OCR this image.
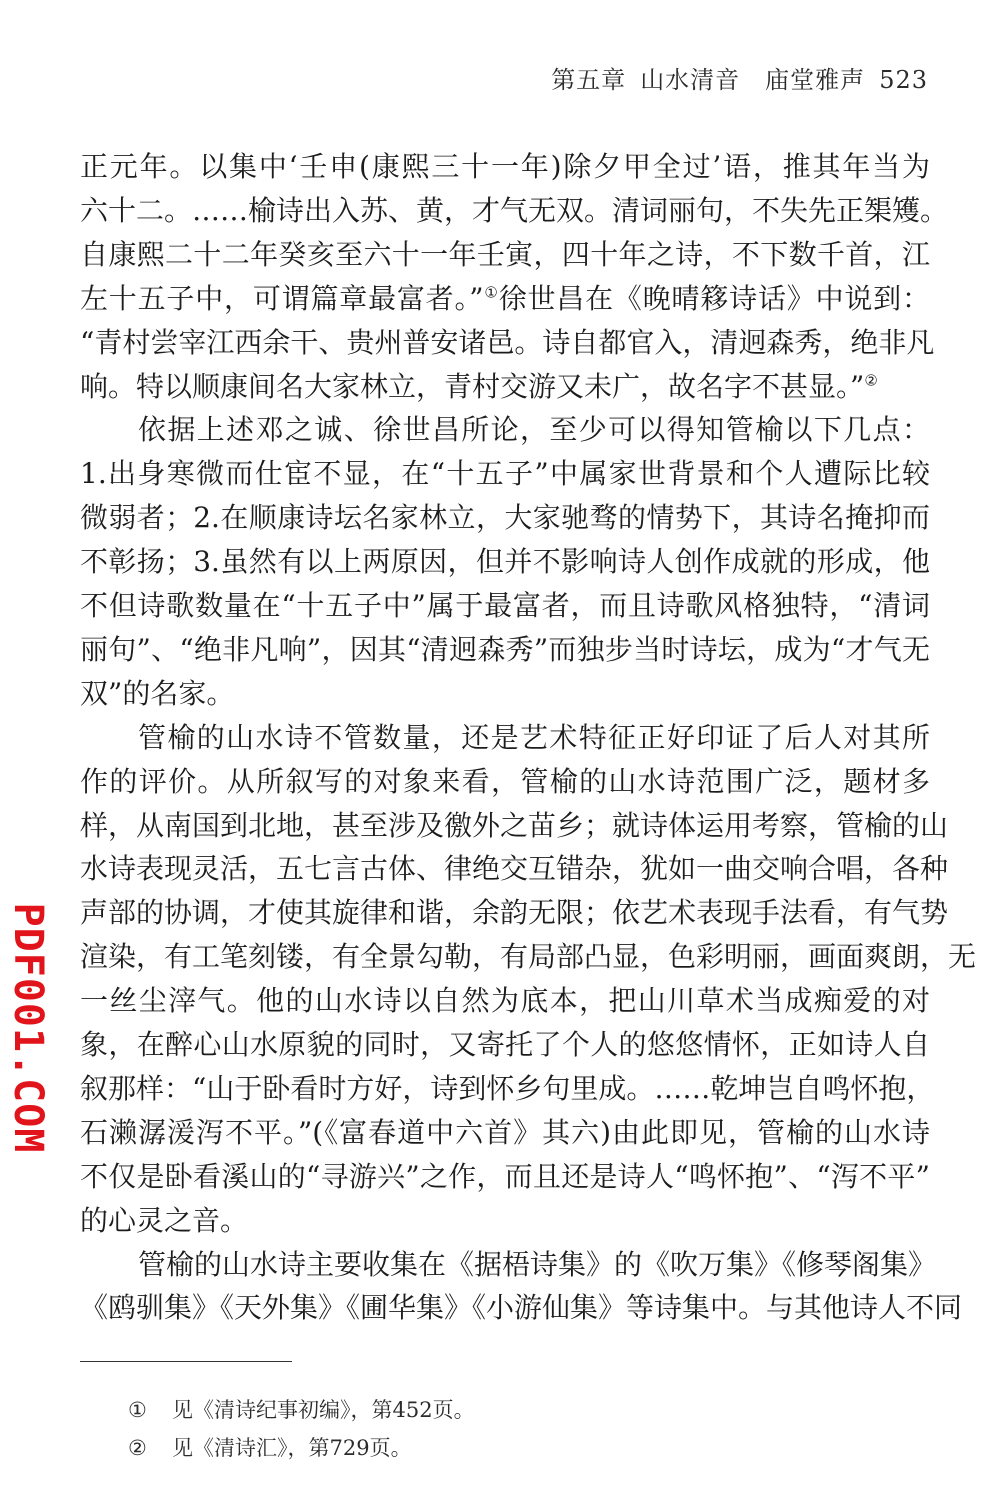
第五章 山水清音　庙堂雅声 523
正元年。以集中‘壬申(康熙三十一年)除夕甲全过’语，推其年当为
六十二。……榆诗出入苏、黄，才气无双。清词丽句，不失先正榘矱。
自康熙二十二年癸亥至六十一年壬寅，四十年之诗，不下数千首，江
左十五子中，可谓篇章最富者。”①徐世昌在《晚晴簃诗话》中说到：
“青村尝宰江西余干、贵州普安诸邑。诗自都官入，清迥森秀，绝非凡
响。特以顺康间名大家林立，青村交游又未广，故名字不甚显。”②
依据上述邓之诚、徐世昌所论，至少可以得知管榆以下几点：
1.出身寒微而仕宦不显，在“十五子”中属家世背景和个人遭际比较
微弱者；2.在顺康诗坛名家林立，大家驰骛的情势下，其诗名掩抑而
不彰扬；3.虽然有以上两原因，但并不影响诗人创作成就的形成，他
不但诗歌数量在“十五子中”属于最富者，而且诗歌风格独特，“清词
丽句”、“绝非凡响”，因其“清迥森秀”而独步当时诗坛，成为“才气无
双”的名家。
管榆的山水诗不管数量，还是艺术特征正好印证了后人对其所
作的评价。从所叙写的对象来看，管榆的山水诗范围广泛，题材多
样，从南国到北地，甚至涉及徼外之苗乡；就诗体运用考察，管榆的山
水诗表现灵活，五七言古体、律绝交互错杂，犹如一曲交响合唱，各种
声部的协调，才使其旋律和谐，余韵无限；依艺术表现手法看，有气势
渲染，有工笔刻镂，有全景勾勒，有局部凸显，色彩明丽，画面爽朗，无
一丝尘滓气。他的山水诗以自然为底本，把山川草术当成痴爱的对
象，在醉心山水原貌的同时，又寄托了个人的悠悠情怀，正如诗人自
叙那样：“山于卧看时方好，诗到怀乡句里成。……乾坤岂自鸣怀抱，
石濑潺湲泻不平。”(《富春道中六首》其六)由此即见，管榆的山水诗
不仅是卧看溪山的“寻游兴”之作，而且还是诗人“鸣怀抱”、“泻不平”
的心灵之音。
管榆的山水诗主要收集在《据梧诗集》的《吹万集》《修琴阁集》
《鸥驯集》《天外集》《圃华集》《小游仙集》等诗集中。与其他诗人不同
PDF001.COM
① 见《清诗纪事初编》，第452页。
② 见《清诗汇》，第729页。
